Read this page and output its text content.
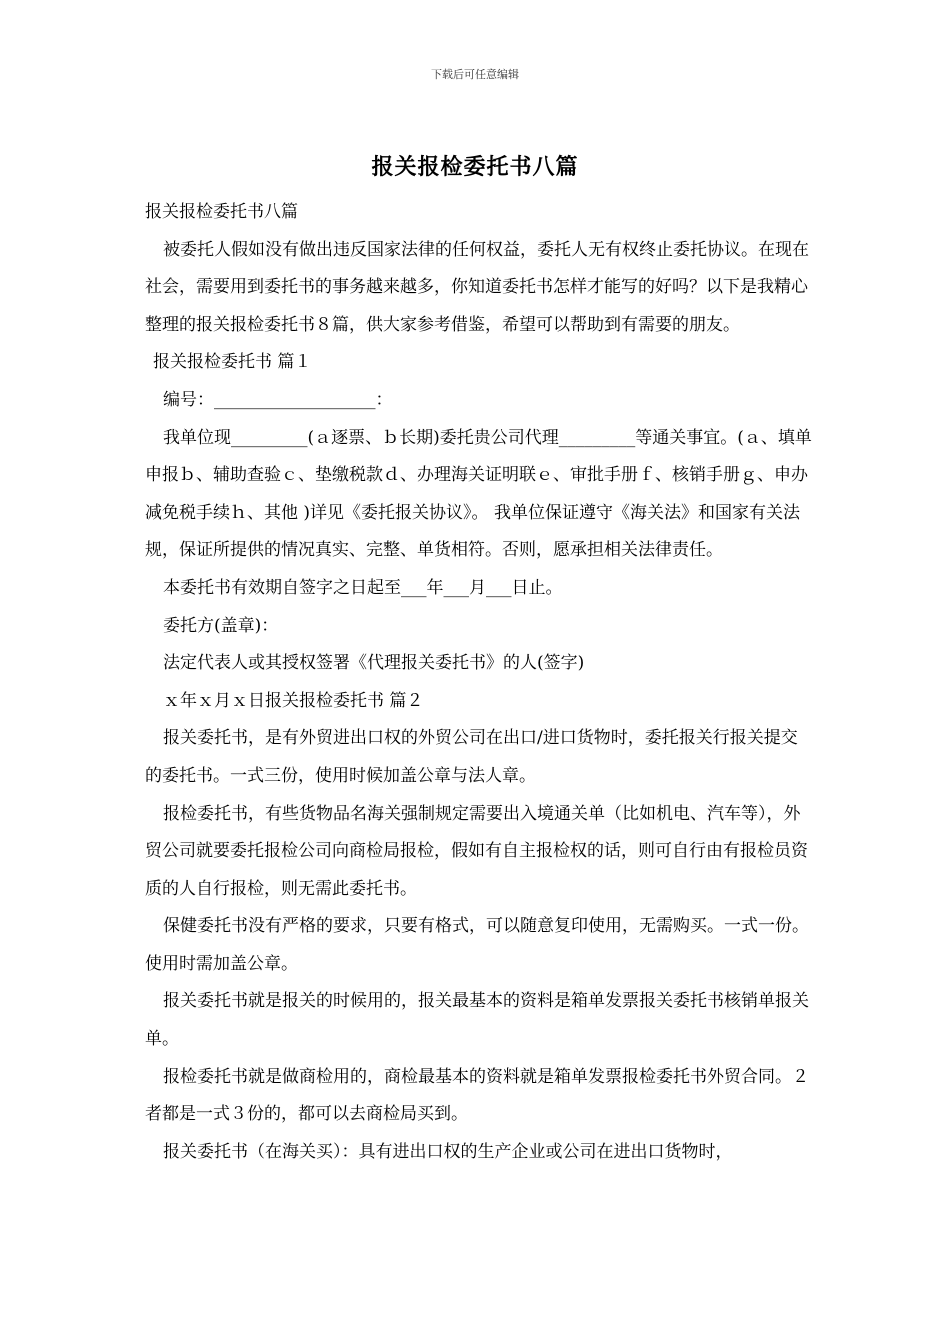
下载后可任意编辑
报关报检委托书八篇

报关报检委托书八篇

被委托人假如没有做出违反国家法律的任何权益，委托人无有权终止委托协议。在现在社会，需要用到委托书的事务越来越多，你知道委托书怎样才能写的好吗？以下是我精心整理的报关报检委托书８篇，供大家参考借鉴，希望可以帮助到有需要的朋友。

报关报检委托书 篇１

编号：___________________：

我单位现_________(ａ逐票、ｂ长期)委托贵公司代理_________等通关事宜。(ａ、填单申报ｂ、辅助查验ｃ、垫缴税款ｄ、办理海关证明联ｅ、审批手册ｆ、核销手册ｇ、申办减免税手续ｈ、其他 )详见《委托报关协议》。 我单位保证遵守《海关法》和国家有关法规，保证所提供的情况真实、完整、单货相符。否则，愿承担相关法律责任。

本委托书有效期自签字之日起至___年___月___日止。

委托方(盖章)：

法定代表人或其授权签署《代理报关委托书》的人(签字)

ｘ年ｘ月ｘ日报关报检委托书 篇２

报关委托书，是有外贸进出口权的外贸公司在出口/进口货物时，委托报关行报关提交的委托书。一式三份，使用时候加盖公章与法人章。

报检委托书，有些货物品名海关强制规定需要出入境通关单（比如机电、汽车等），外贸公司就要委托报检公司向商检局报检，假如有自主报检权的话，则可自行由有报检员资质的人自行报检，则无需此委托书。

保健委托书没有严格的要求，只要有格式，可以随意复印使用，无需购买。一式一份。使用时需加盖公章。

报关委托书就是报关的时候用的，报关最基本的资料是箱单发票报关委托书核销单报关单。

报检委托书就是做商检用的，商检最基本的资料就是箱单发票报检委托书外贸合同。２者都是一式３份的，都可以去商检局买到。

报关委托书（在海关买）：具有进出口权的生产企业或公司在进出口货物时，
